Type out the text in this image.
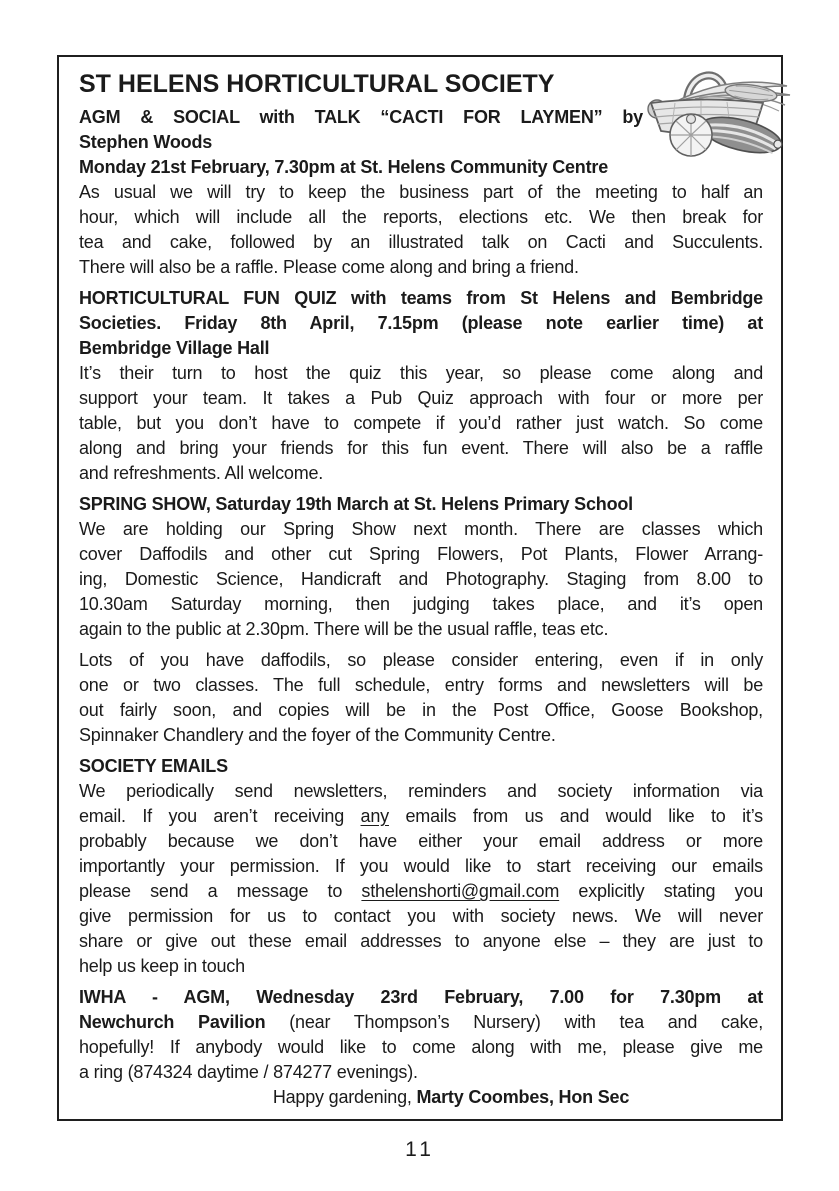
ST HELENS HORTICULTURAL SOCIETY
AGM & SOCIAL with TALK “CACTI FOR LAYMEN” by
Stephen Woods
Monday 21st February, 7.30pm at St. Helens Community Centre
As usual we will try to keep the business part of the meeting to half an
hour, which will include all the reports, elections etc. We then break for
tea and cake, followed by an illustrated talk on Cacti and Succulents.
There will also be a raffle. Please come along and bring a friend.
HORTICULTURAL FUN QUIZ with teams from St Helens and Bembridge
Societies. Friday 8th April, 7.15pm (please note earlier time) at
Bembridge Village Hall
It’s their turn to host the quiz this year, so please come along and
support your team. It takes a Pub Quiz approach with four or more per
table, but you don’t have to compete if you’d rather just watch. So come
along and bring your friends for this fun event. There will also be a raffle
and refreshments. All welcome.
SPRING SHOW, Saturday 19th March at St. Helens Primary School
We are holding our Spring Show next month. There are classes which
cover Daffodils and other cut Spring Flowers, Pot Plants, Flower Arrang-
ing, Domestic Science, Handicraft and Photography. Staging from 8.00 to
10.30am Saturday morning, then judging takes place, and it’s open
again to the public at 2.30pm. There will be the usual raffle, teas etc.
Lots of you have daffodils, so please consider entering, even if in only
one or two classes. The full schedule, entry forms and newsletters will be
out fairly soon, and copies will be in the Post Office, Goose Bookshop,
Spinnaker Chandlery and the foyer of the Community Centre.
SOCIETY EMAILS
We periodically send newsletters, reminders and society information via
email. If you aren’t receiving any emails from us and would like to it’s
probably because we don’t have either your email address or more
importantly your permission. If you would like to start receiving our emails
please send a message to sthelenshorti@gmail.com explicitly stating you
give permission for us to contact you with society news. We will never
share or give out these email addresses to anyone else – they are just to
help us keep in touch
IWHA - AGM, Wednesday 23rd February, 7.00 for 7.30pm at
Newchurch Pavilion (near Thompson’s Nursery) with tea and cake,
hopefully! If anybody would like to come along with me, please give me
a ring (874324 daytime / 874277 evenings).
Happy gardening, Marty Coombes, Hon Sec
11
